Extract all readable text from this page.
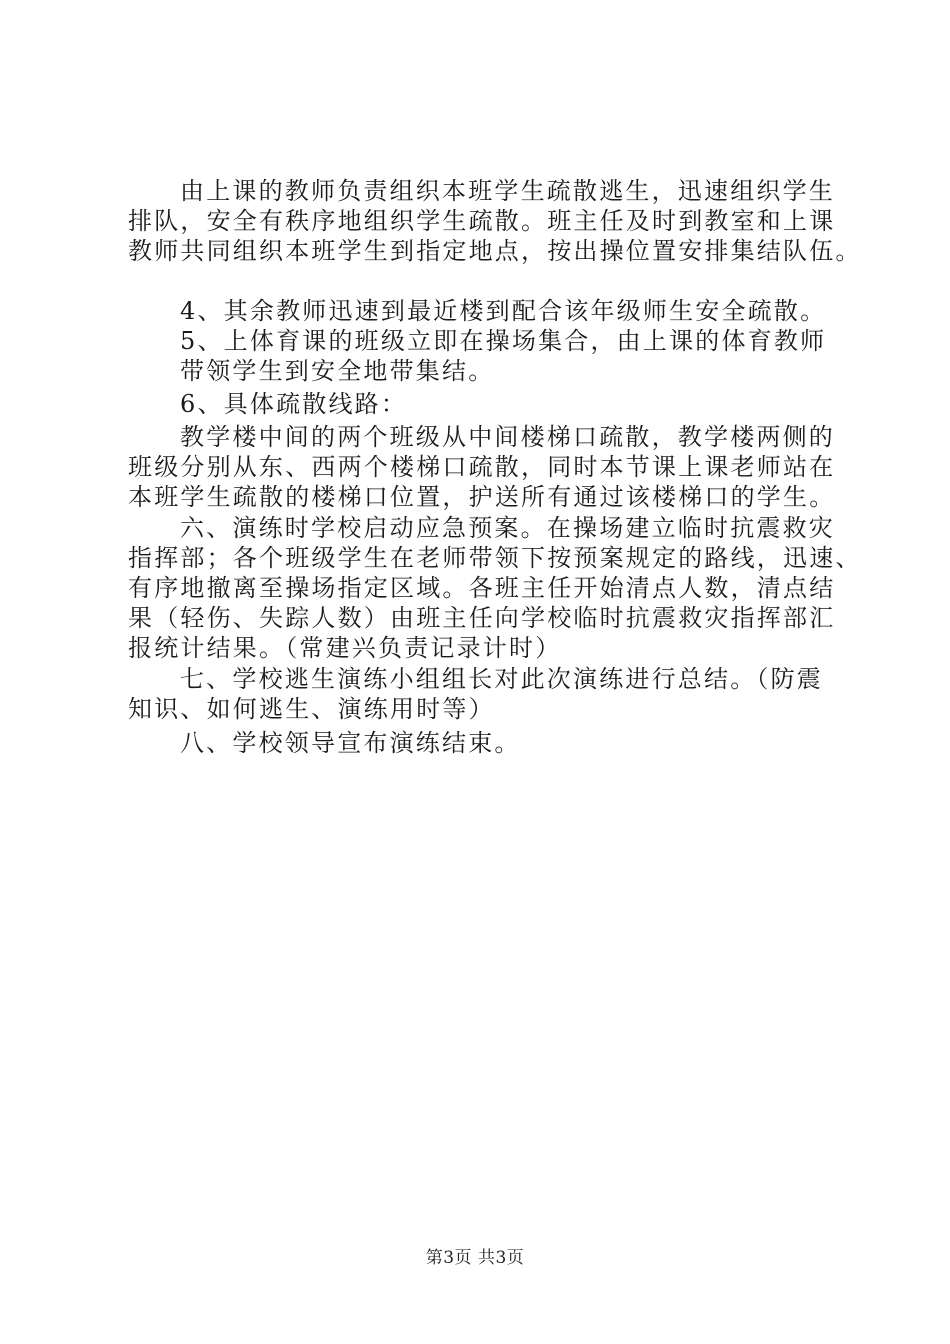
由上课的教师负责组织本班学生疏散逃生，迅速组织学生
排队，安全有秩序地组织学生疏散。班主任及时到教室和上课
教师共同组织本班学生到指定地点，按出操位置安排集结队伍。
4、其余教师迅速到最近楼到配合该年级师生安全疏散。
5、上体育课的班级立即在操场集合，由上课的体育教师
带领学生到安全地带集结。
6、具体疏散线路：
教学楼中间的两个班级从中间楼梯口疏散，教学楼两侧的
班级分别从东、西两个楼梯口疏散，同时本节课上课老师站在
本班学生疏散的楼梯口位置，护送所有通过该楼梯口的学生。
六、演练时学校启动应急预案。在操场建立临时抗震救灾
指挥部；各个班级学生在老师带领下按预案规定的路线，迅速、
有序地撤离至操场指定区域。各班主任开始清点人数，清点结
果（轻伤、失踪人数）由班主任向学校临时抗震救灾指挥部汇
报统计结果。（常建兴负责记录计时）
七、学校逃生演练小组组长对此次演练进行总结。（防震
知识、如何逃生、演练用时等）
八、学校领导宣布演练结束。
第3页 共3页
